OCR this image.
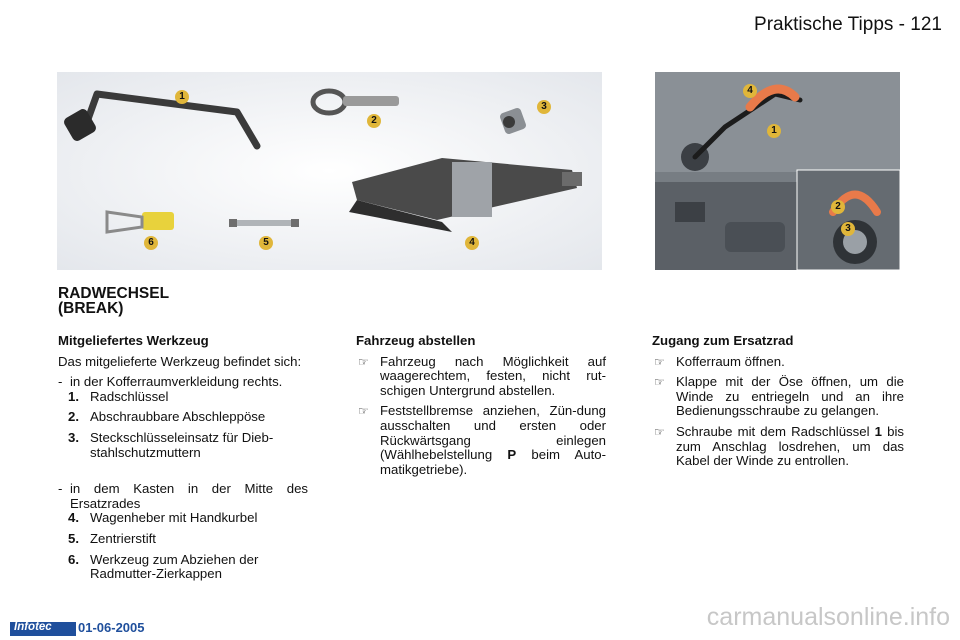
Praktische Tipps - 121
1
2
3
4
5
6
4
1
2
3
RADWECHSEL
(BREAK)

Mitgeliefertes Werkzeug

Das mitgelieferte Werkzeug befindet sich:

- in der Kofferraumverkleidung rechts.
1. Radschlüssel
2. Abschraubbare Abschleppöse
3. Steckschlüsseleinsatz für Dieb-stahlschutzmuttern
- in dem Kasten in der Mitte des Ersatzrades
4. Wagenheber mit Handkurbel
5. Zentrierstift
6. Werkzeug zum Abziehen der Radmutter-Zierkappen

Fahrzeug abstellen

☞ Fahrzeug nach Möglichkeit auf waagerechtem, festen, nicht rut-schigen Untergrund abstellen.
☞ Feststellbremse anziehen, Zün-dung ausschalten und ersten oder Rückwärtsgang einlegen (Wählhebelstellung P beim Auto-matikgetriebe).

Zugang zum Ersatzrad

☞ Kofferraum öffnen.
☞ Klappe mit der Öse öffnen, um die Winde zu entriegeln und an ihre Bedienungsschraube zu gelangen.
☞ Schraube mit dem Radschlüssel 1 bis zum Anschlag losdrehen, um das Kabel der Winde zu entrollen.
Infotec 01-06-2005	carmanualsonline.info
